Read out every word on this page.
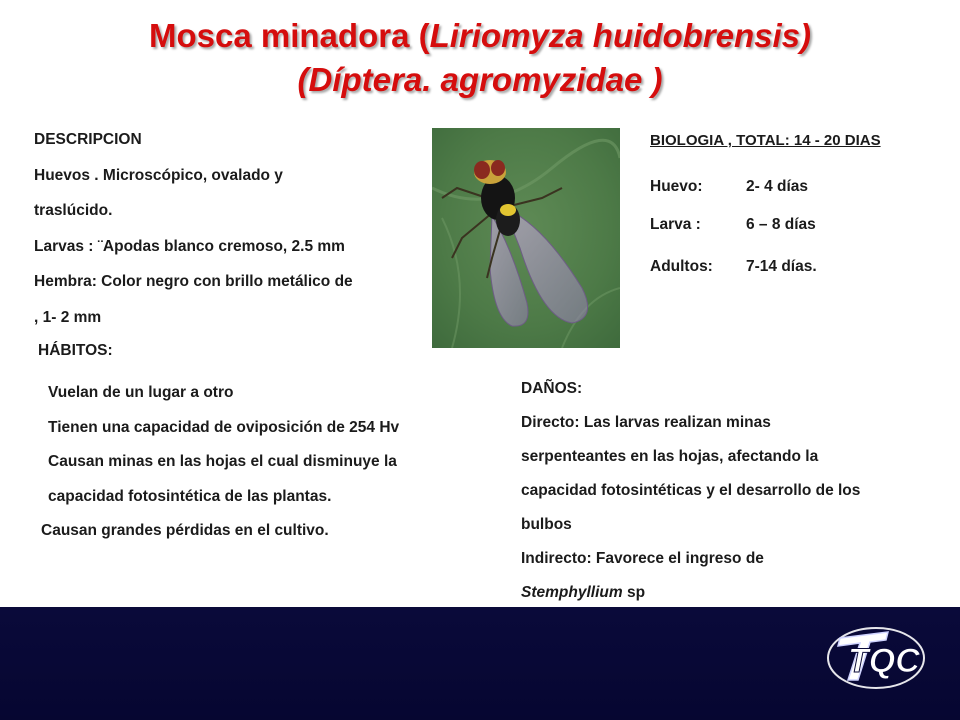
Mosca minadora (Liriomyza huidobrensis)
(Díptera. agromyzidae )
DESCRIPCION
Huevos . Microscópico, ovalado y
traslúcido.
Larvas : ¨Apodas blanco cremoso, 2.5 mm
Hembra: Color negro con brillo metálico de
, 1- 2 mm
BIOLOGIA , TOTAL: 14 - 20 DIAS
Huevo:	2- 4 días
Larva :	6 – 8 días
Adultos: 7-14 días.
HÁBITOS:
Vuelan de un lugar a otro
Tienen una capacidad de oviposición de 254 Hv
Causan minas en las hojas el cual disminuye la
capacidad fotosintética de las plantas.
Causan grandes pérdidas en el cultivo.
DAÑOS:
Directo: Las larvas realizan minas
serpenteantes en las hojas, afectando la
capacidad fotosintéticas y el desarrollo de los
bulbos
Indirecto: Favorece el ingreso de
Stemphyllium sp
TQC
